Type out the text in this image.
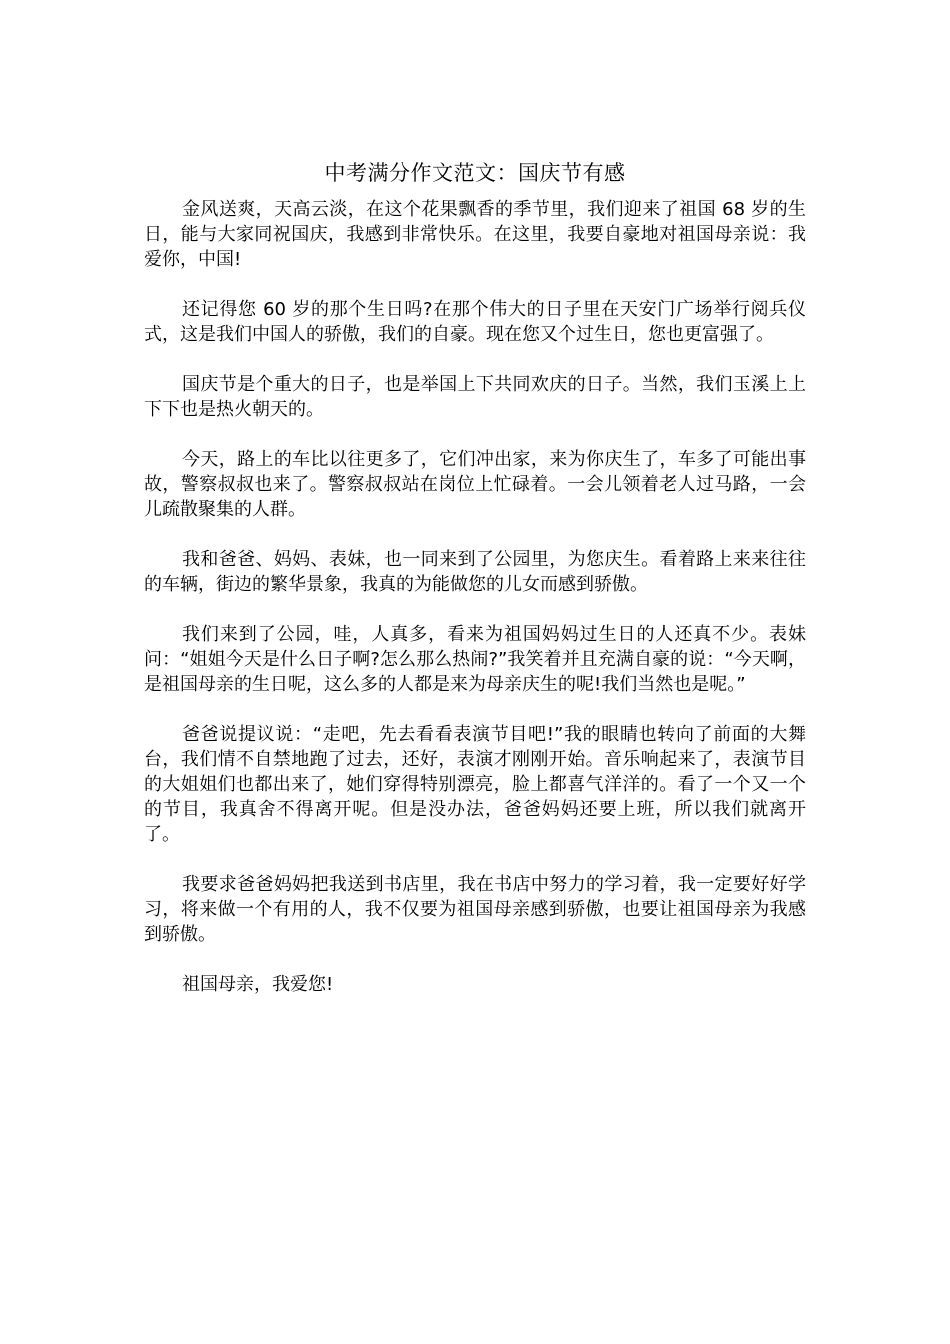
中考满分作文范文：国庆节有感

金风送爽，天高云淡，在这个花果飘香的季节里，我们迎来了祖国 68 岁的生日，能与大家同祝国庆，我感到非常快乐。在这里，我要自豪地对祖国母亲说：我爱你，中国!

还记得您 60 岁的那个生日吗?在那个伟大的日子里在天安门广场举行阅兵仪式，这是我们中国人的骄傲，我们的自豪。现在您又个过生日，您也更富强了。

国庆节是个重大的日子，也是举国上下共同欢庆的日子。当然，我们玉溪上上下下也是热火朝天的。

今天，路上的车比以往更多了，它们冲出家，来为你庆生了，车多了可能出事故，警察叔叔也来了。警察叔叔站在岗位上忙碌着。一会儿领着老人过马路，一会儿疏散聚集的人群。

我和爸爸、妈妈、表妹，也一同来到了公园里，为您庆生。看着路上来来往往的车辆，街边的繁华景象，我真的为能做您的儿女而感到骄傲。

我们来到了公园，哇，人真多，看来为祖国妈妈过生日的人还真不少。表妹问：“姐姐今天是什么日子啊?怎么那么热闹?”我笑着并且充满自豪的说：“今天啊，是祖国母亲的生日呢，这么多的人都是来为母亲庆生的呢!我们当然也是呢。”

爸爸说提议说：“走吧，先去看看表演节目吧!”我的眼睛也转向了前面的大舞台，我们情不自禁地跑了过去，还好，表演才刚刚开始。音乐响起来了，表演节目的大姐姐们也都出来了，她们穿得特别漂亮，脸上都喜气洋洋的。看了一个又一个的节目，我真舍不得离开呢。但是没办法，爸爸妈妈还要上班，所以我们就离开了。

我要求爸爸妈妈把我送到书店里，我在书店中努力的学习着，我一定要好好学习，将来做一个有用的人，我不仅要为祖国母亲感到骄傲，也要让祖国母亲为我感到骄傲。

祖国母亲，我爱您!
